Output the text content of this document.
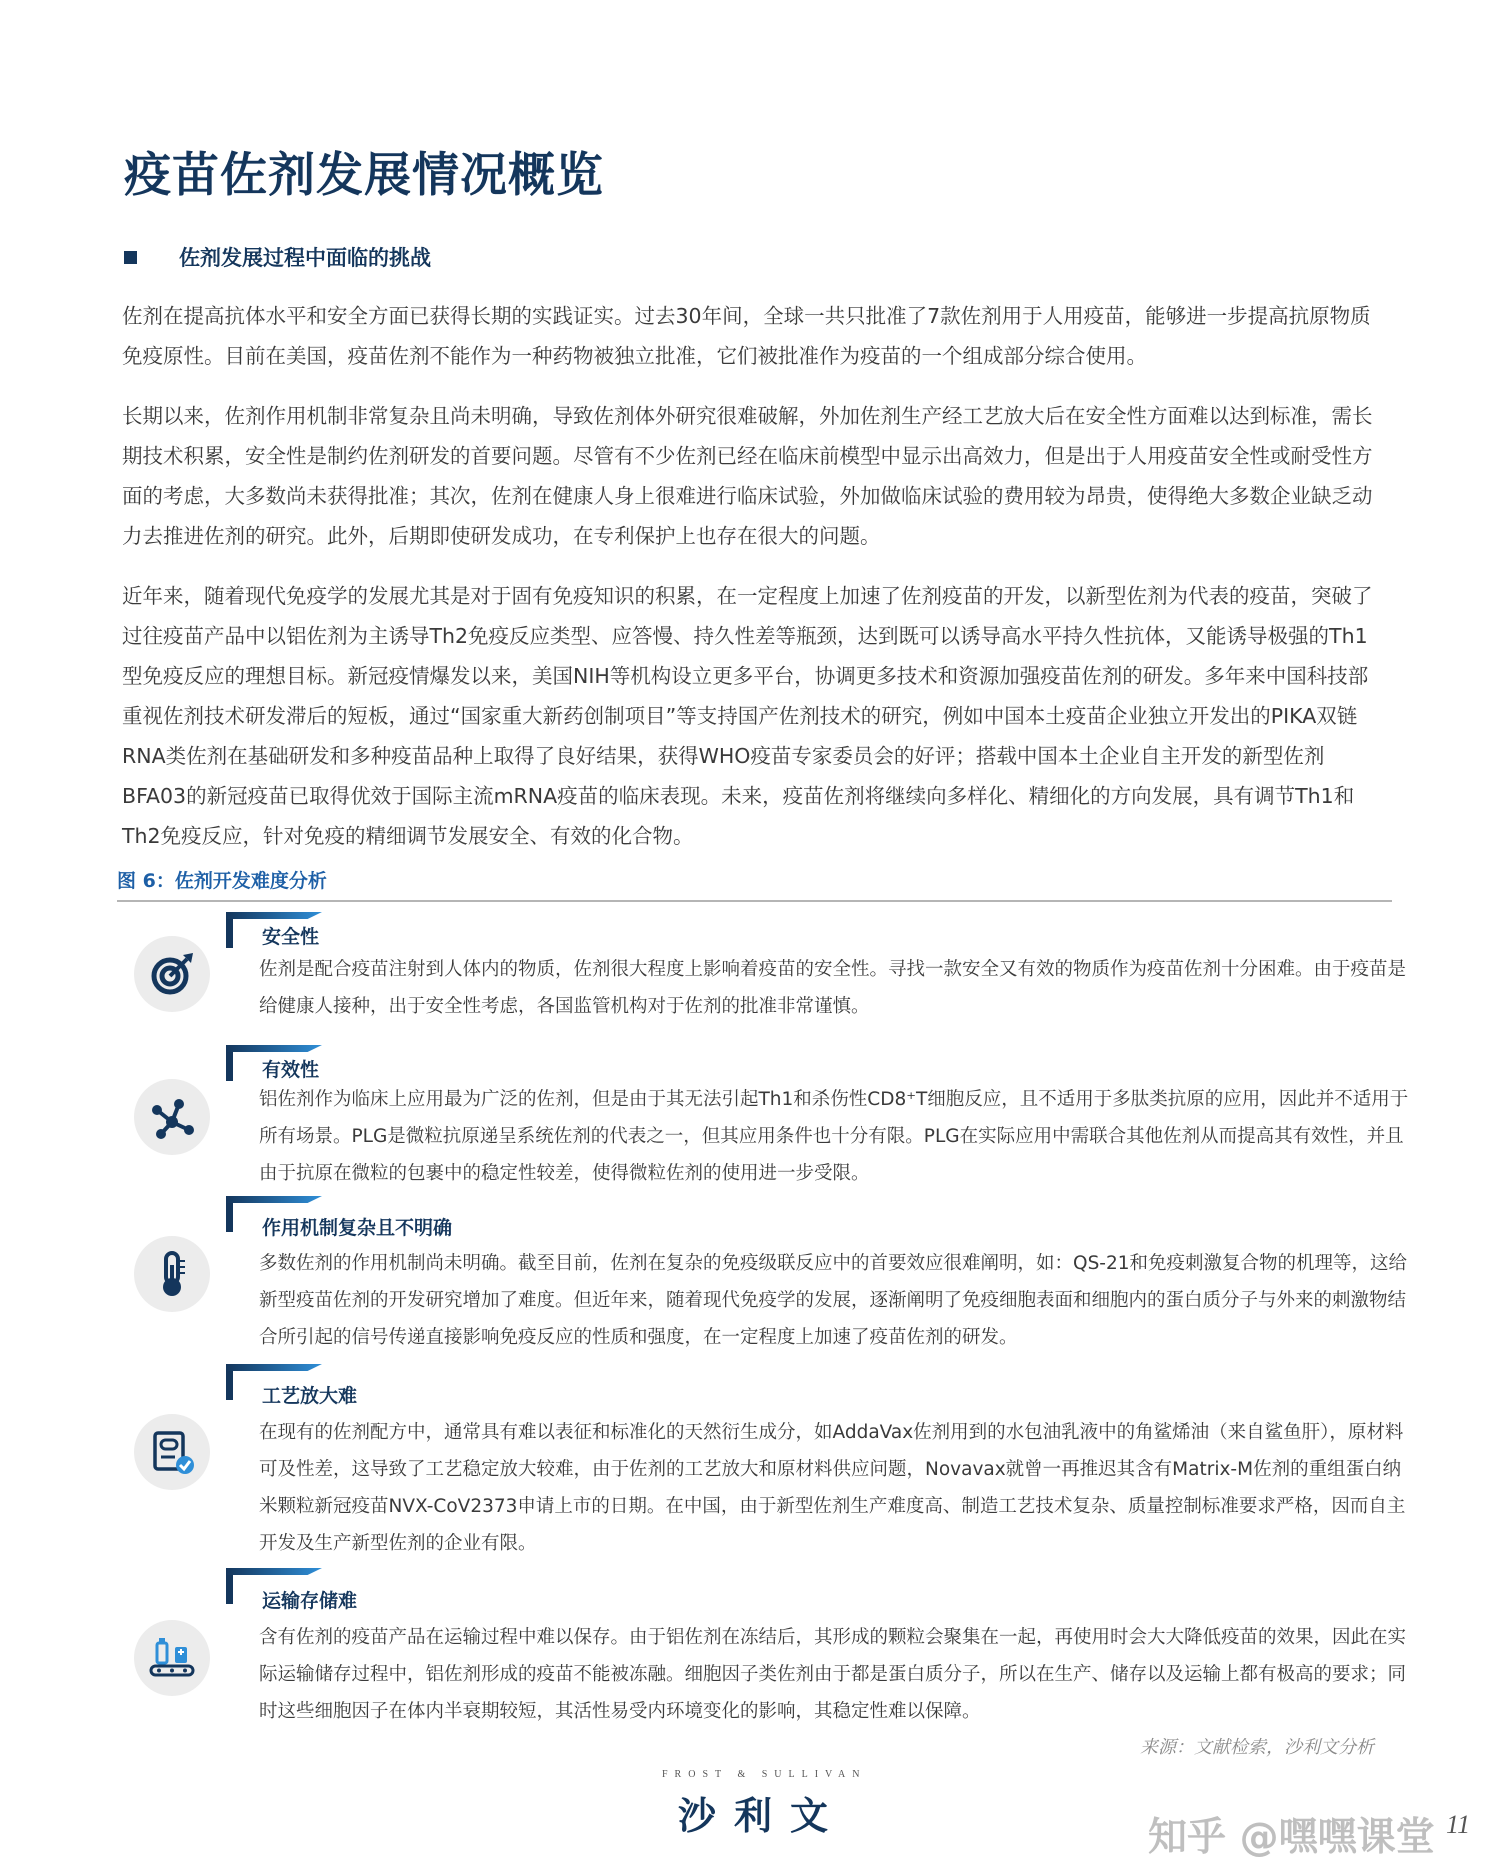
疫苗佐剂发展情况概览
佐剂发展过程中面临的挑战

佐剂在提高抗体水平和安全方面已获得长期的实践证实。过去30年间，全球一共只批准了7款佐剂用于人用疫苗，能够进一步提高抗原物质免疫原性。目前在美国，疫苗佐剂不能作为一种药物被独立批准，它们被批准作为疫苗的一个组成部分综合使用。

长期以来，佐剂作用机制非常复杂且尚未明确，导致佐剂体外研究很难破解，外加佐剂生产经工艺放大后在安全性方面难以达到标准，需长期技术积累，安全性是制约佐剂研发的首要问题。尽管有不少佐剂已经在临床前模型中显示出高效力，但是出于人用疫苗安全性或耐受性方面的考虑，大多数尚未获得批准；其次，佐剂在健康人身上很难进行临床试验，外加做临床试验的费用较为昂贵，使得绝大多数企业缺乏动力去推进佐剂的研究。此外，后期即使研发成功，在专利保护上也存在很大的问题。

近年来，随着现代免疫学的发展尤其是对于固有免疫知识的积累，在一定程度上加速了佐剂疫苗的开发，以新型佐剂为代表的疫苗，突破了过往疫苗产品中以铝佐剂为主诱导Th2免疫反应类型、应答慢、持久性差等瓶颈，达到既可以诱导高水平持久性抗体，又能诱导极强的Th1型免疫反应的理想目标。新冠疫情爆发以来，美国NIH等机构设立更多平台，协调更多技术和资源加强疫苗佐剂的研发。多年来中国科技部重视佐剂技术研发滞后的短板，通过“国家重大新药创制项目”等支持国产佐剂技术的研究，例如中国本土疫苗企业独立开发出的PIKA双链RNA类佐剂在基础研发和多种疫苗品种上取得了良好结果，获得WHO疫苗专家委员会的好评；搭载中国本土企业自主开发的新型佐剂BFA03的新冠疫苗已取得优效于国际主流mRNA疫苗的临床表现。未来，疫苗佐剂将继续向多样化、精细化的方向发展，具有调节Th1和Th2免疫反应，针对免疫的精细调节发展安全、有效的化合物。

图 6：佐剂开发难度分析
安全性

佐剂是配合疫苗注射到人体内的物质，佐剂很大程度上影响着疫苗的安全性。寻找一款安全又有效的物质作为疫苗佐剂十分困难。由于疫苗是给健康人接种，出于安全性考虑，各国监管机构对于佐剂的批准非常谨慎。

有效性

铝佐剂作为临床上应用最为广泛的佐剂，但是由于其无法引起Th1和杀伤性CD8⁺T细胞反应，且不适用于多肽类抗原的应用，因此并不适用于所有场景。PLG是微粒抗原递呈系统佐剂的代表之一，但其应用条件也十分有限。PLG在实际应用中需联合其他佐剂从而提高其有效性，并且由于抗原在微粒的包裹中的稳定性较差，使得微粒佐剂的使用进一步受限。

作用机制复杂且不明确

多数佐剂的作用机制尚未明确。截至目前，佐剂在复杂的免疫级联反应中的首要效应很难阐明，如：QS-21和免疫刺激复合物的机理等，这给新型疫苗佐剂的开发研究增加了难度。但近年来，随着现代免疫学的发展，逐渐阐明了免疫细胞表面和细胞内的蛋白质分子与外来的刺激物结合所引起的信号传递直接影响免疫反应的性质和强度，在一定程度上加速了疫苗佐剂的研发。

工艺放大难

在现有的佐剂配方中，通常具有难以表征和标准化的天然衍生成分，如AddaVax佐剂用到的水包油乳液中的角鲨烯油（来自鲨鱼肝），原材料可及性差，这导致了工艺稳定放大较难，由于佐剂的工艺放大和原材料供应问题，Novavax就曾一再推迟其含有Matrix-M佐剂的重组蛋白纳米颗粒新冠疫苗NVX-CoV2373申请上市的日期。在中国，由于新型佐剂生产难度高、制造工艺技术复杂、质量控制标准要求严格，因而自主开发及生产新型佐剂的企业有限。

运输存储难

含有佐剂的疫苗产品在运输过程中难以保存。由于铝佐剂在冻结后，其形成的颗粒会聚集在一起，再使用时会大大降低疫苗的效果，因此在实际运输储存过程中，铝佐剂形成的疫苗不能被冻融。细胞因子类佐剂由于都是蛋白质分子，所以在生产、储存以及运输上都有极高的要求；同时这些细胞因子在体内半衰期较短，其活性易受内环境变化的影响，其稳定性难以保障。

来源：文献检索，沙利文分析
FROST & SULLIVAN
沙利文	知乎 @嘿嘿课堂 11
